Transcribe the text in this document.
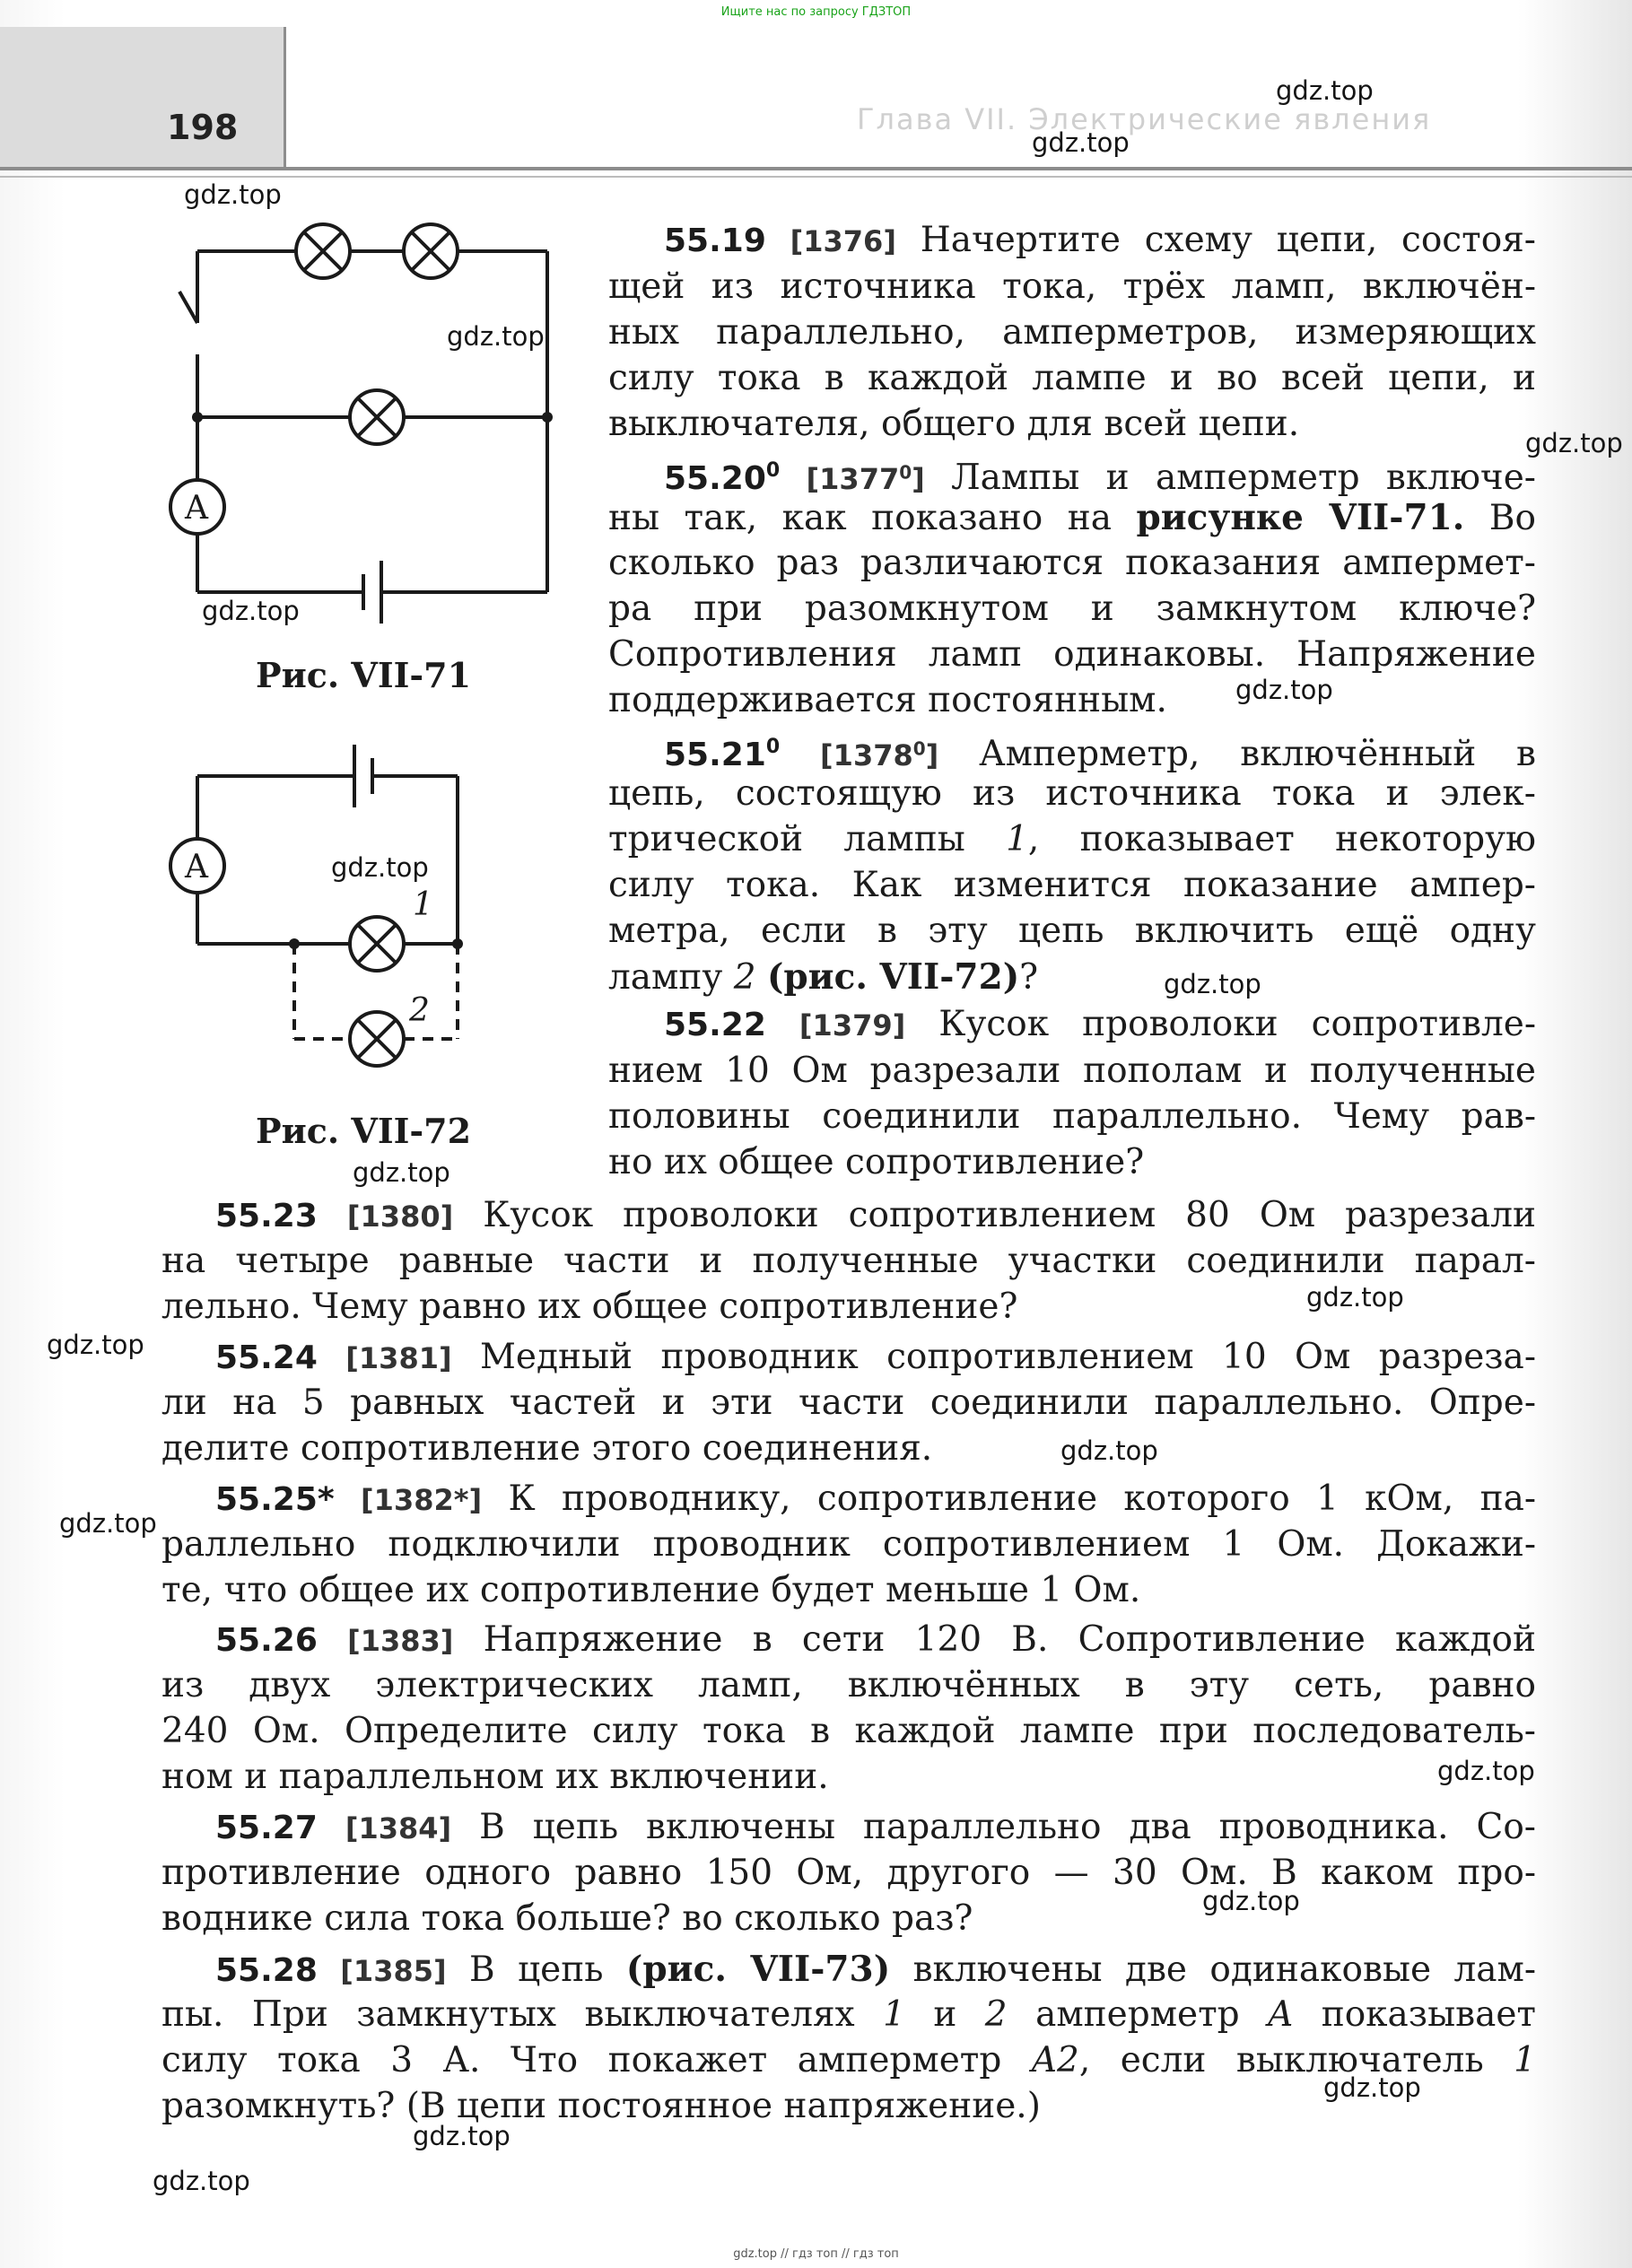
Ищите нас по запросу ГДЗТОП
198	Глава VII. Электрические явления
gdz.top
gdz.top
gdz.top
gdz.top
gdz.top
gdz.top
gdz.top
gdz.top
gdz.top
gdz.top
gdz.top
gdz.top
gdz.top
gdz.top
gdz.top
gdz.top
gdz.top
gdz.top
gdz.top
A
Рис. VII-71
A
1
2
Рис. VII-72
55.19 [1376] Начертите схему цепи, состоя-
щей из источника тока, трёх ламп, включён-
ных параллельно, амперметров, измеряющих
силу тока в каждой лампе и во всей цепи, и
выключателя, общего для всей цепи.
55.20$^0$ [1377$^0$] Лампы и амперметр включе-
ны так, как показано на рисунке VII-71. Во
сколько раз различаются показания ампермет-
ра при разомкнутом и замкнутом ключе?
Сопротивления ламп одинаковы. Напряжение
поддерживается постоянным.
55.21$^0$ [1378$^0$] Амперметр, включённый в
цепь, состоящую из источника тока и элек-
трической лампы 1, показывает некоторую
силу тока. Как изменится показание ампер-
метра, если в эту цепь включить ещё одну
лампу 2 (рис. VII-72)?
55.22 [1379] Кусок проволоки сопротивле-
нием 10 Ом разрезали пополам и полученные
половины соединили параллельно. Чему рав-
но их общее сопротивление?
55.23 [1380] Кусок проволоки сопротивлением 80 Ом разрезали
на четыре равные части и полученные участки соединили парал-
лельно. Чему равно их общее сопротивление?
55.24 [1381] Медный проводник сопротивлением 10 Ом разреза-
ли на 5 равных частей и эти части соединили параллельно. Опре-
делите сопротивление этого соединения.
55.25* [1382*] К проводнику, сопротивление которого 1 кОм, па-
раллельно подключили проводник сопротивлением 1 Ом. Докажи-
те, что общее их сопротивление будет меньше 1 Ом.
55.26 [1383] Напряжение в сети 120 В. Сопротивление каждой
из двух электрических ламп, включённых в эту сеть, равно
240 Ом. Определите силу тока в каждой лампе при последователь-
ном и параллельном их включении.
55.27 [1384] В цепь включены параллельно два проводника. Со-
противление одного равно 150 Ом, другого — 30 Ом. В каком про-
воднике сила тока больше? во сколько раз?
55.28 [1385] В цепь (рис. VII-73) включены две одинаковые лам-
пы. При замкнутых выключателях 1 и 2 амперметр A показывает
силу тока 3 А. Что покажет амперметр A2, если выключатель 1
разомкнуть? (В цепи постоянное напряжение.)
gdz.top // гдз топ // гдз топ
